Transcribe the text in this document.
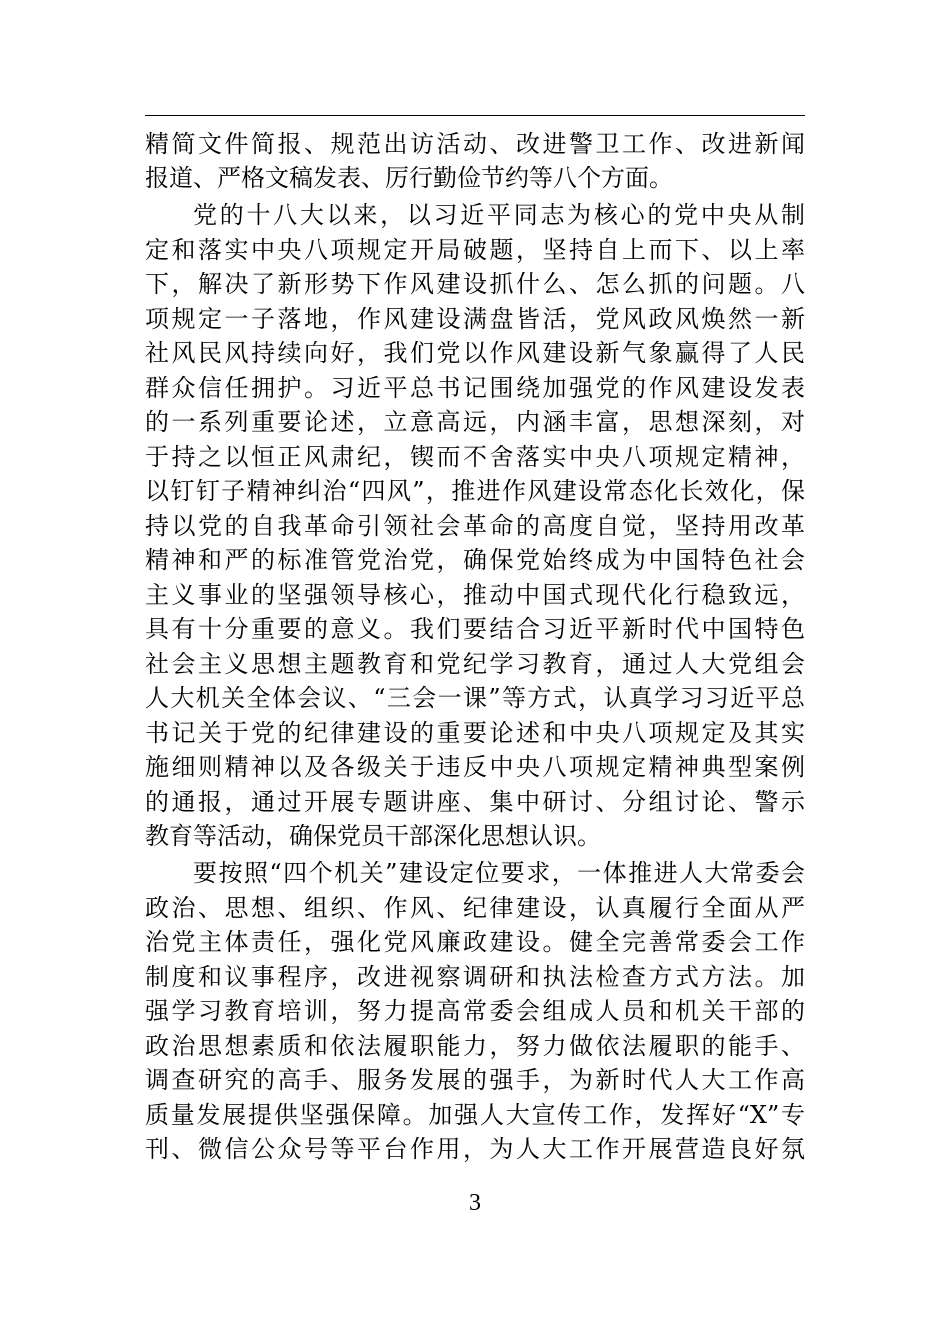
精简文件简报、规范出访活动、改进警卫工作、改进新闻
报道、严格文稿发表、厉行勤俭节约等八个方面。
党的十八大以来，以习近平同志为核心的党中央从制
定和落实中央八项规定开局破题，坚持自上而下、以上率
下，解决了新形势下作风建设抓什么、怎么抓的问题。八
项规定一子落地，作风建设满盘皆活，党风政风焕然一新
社风民风持续向好，我们党以作风建设新气象赢得了人民
群众信任拥护。习近平总书记围绕加强党的作风建设发表
的一系列重要论述，立意高远，内涵丰富，思想深刻，对
于持之以恒正风肃纪，锲而不舍落实中央八项规定精神，
以钉钉子精神纠治“四风”，推进作风建设常态化长效化，保
持以党的自我革命引领社会革命的高度自觉，坚持用改革
精神和严的标准管党治党，确保党始终成为中国特色社会
主义事业的坚强领导核心，推动中国式现代化行稳致远，
具有十分重要的意义。我们要结合习近平新时代中国特色
社会主义思想主题教育和党纪学习教育，通过人大党组会
人大机关全体会议、“三会一课”等方式，认真学习习近平总
书记关于党的纪律建设的重要论述和中央八项规定及其实
施细则精神以及各级关于违反中央八项规定精神典型案例
的通报，通过开展专题讲座、集中研讨、分组讨论、警示
教育等活动，确保党员干部深化思想认识。
要按照“四个机关”建设定位要求，一体推进人大常委会
政治、思想、组织、作风、纪律建设，认真履行全面从严
治党主体责任，强化党风廉政建设。健全完善常委会工作
制度和议事程序，改进视察调研和执法检查方式方法。加
强学习教育培训，努力提高常委会组成人员和机关干部的
政治思想素质和依法履职能力，努力做依法履职的能手、
调查研究的高手、服务发展的强手，为新时代人大工作高
质量发展提供坚强保障。加强人大宣传工作，发挥好“X”专
刊、微信公众号等平台作用，为人大工作开展营造良好氛
3
